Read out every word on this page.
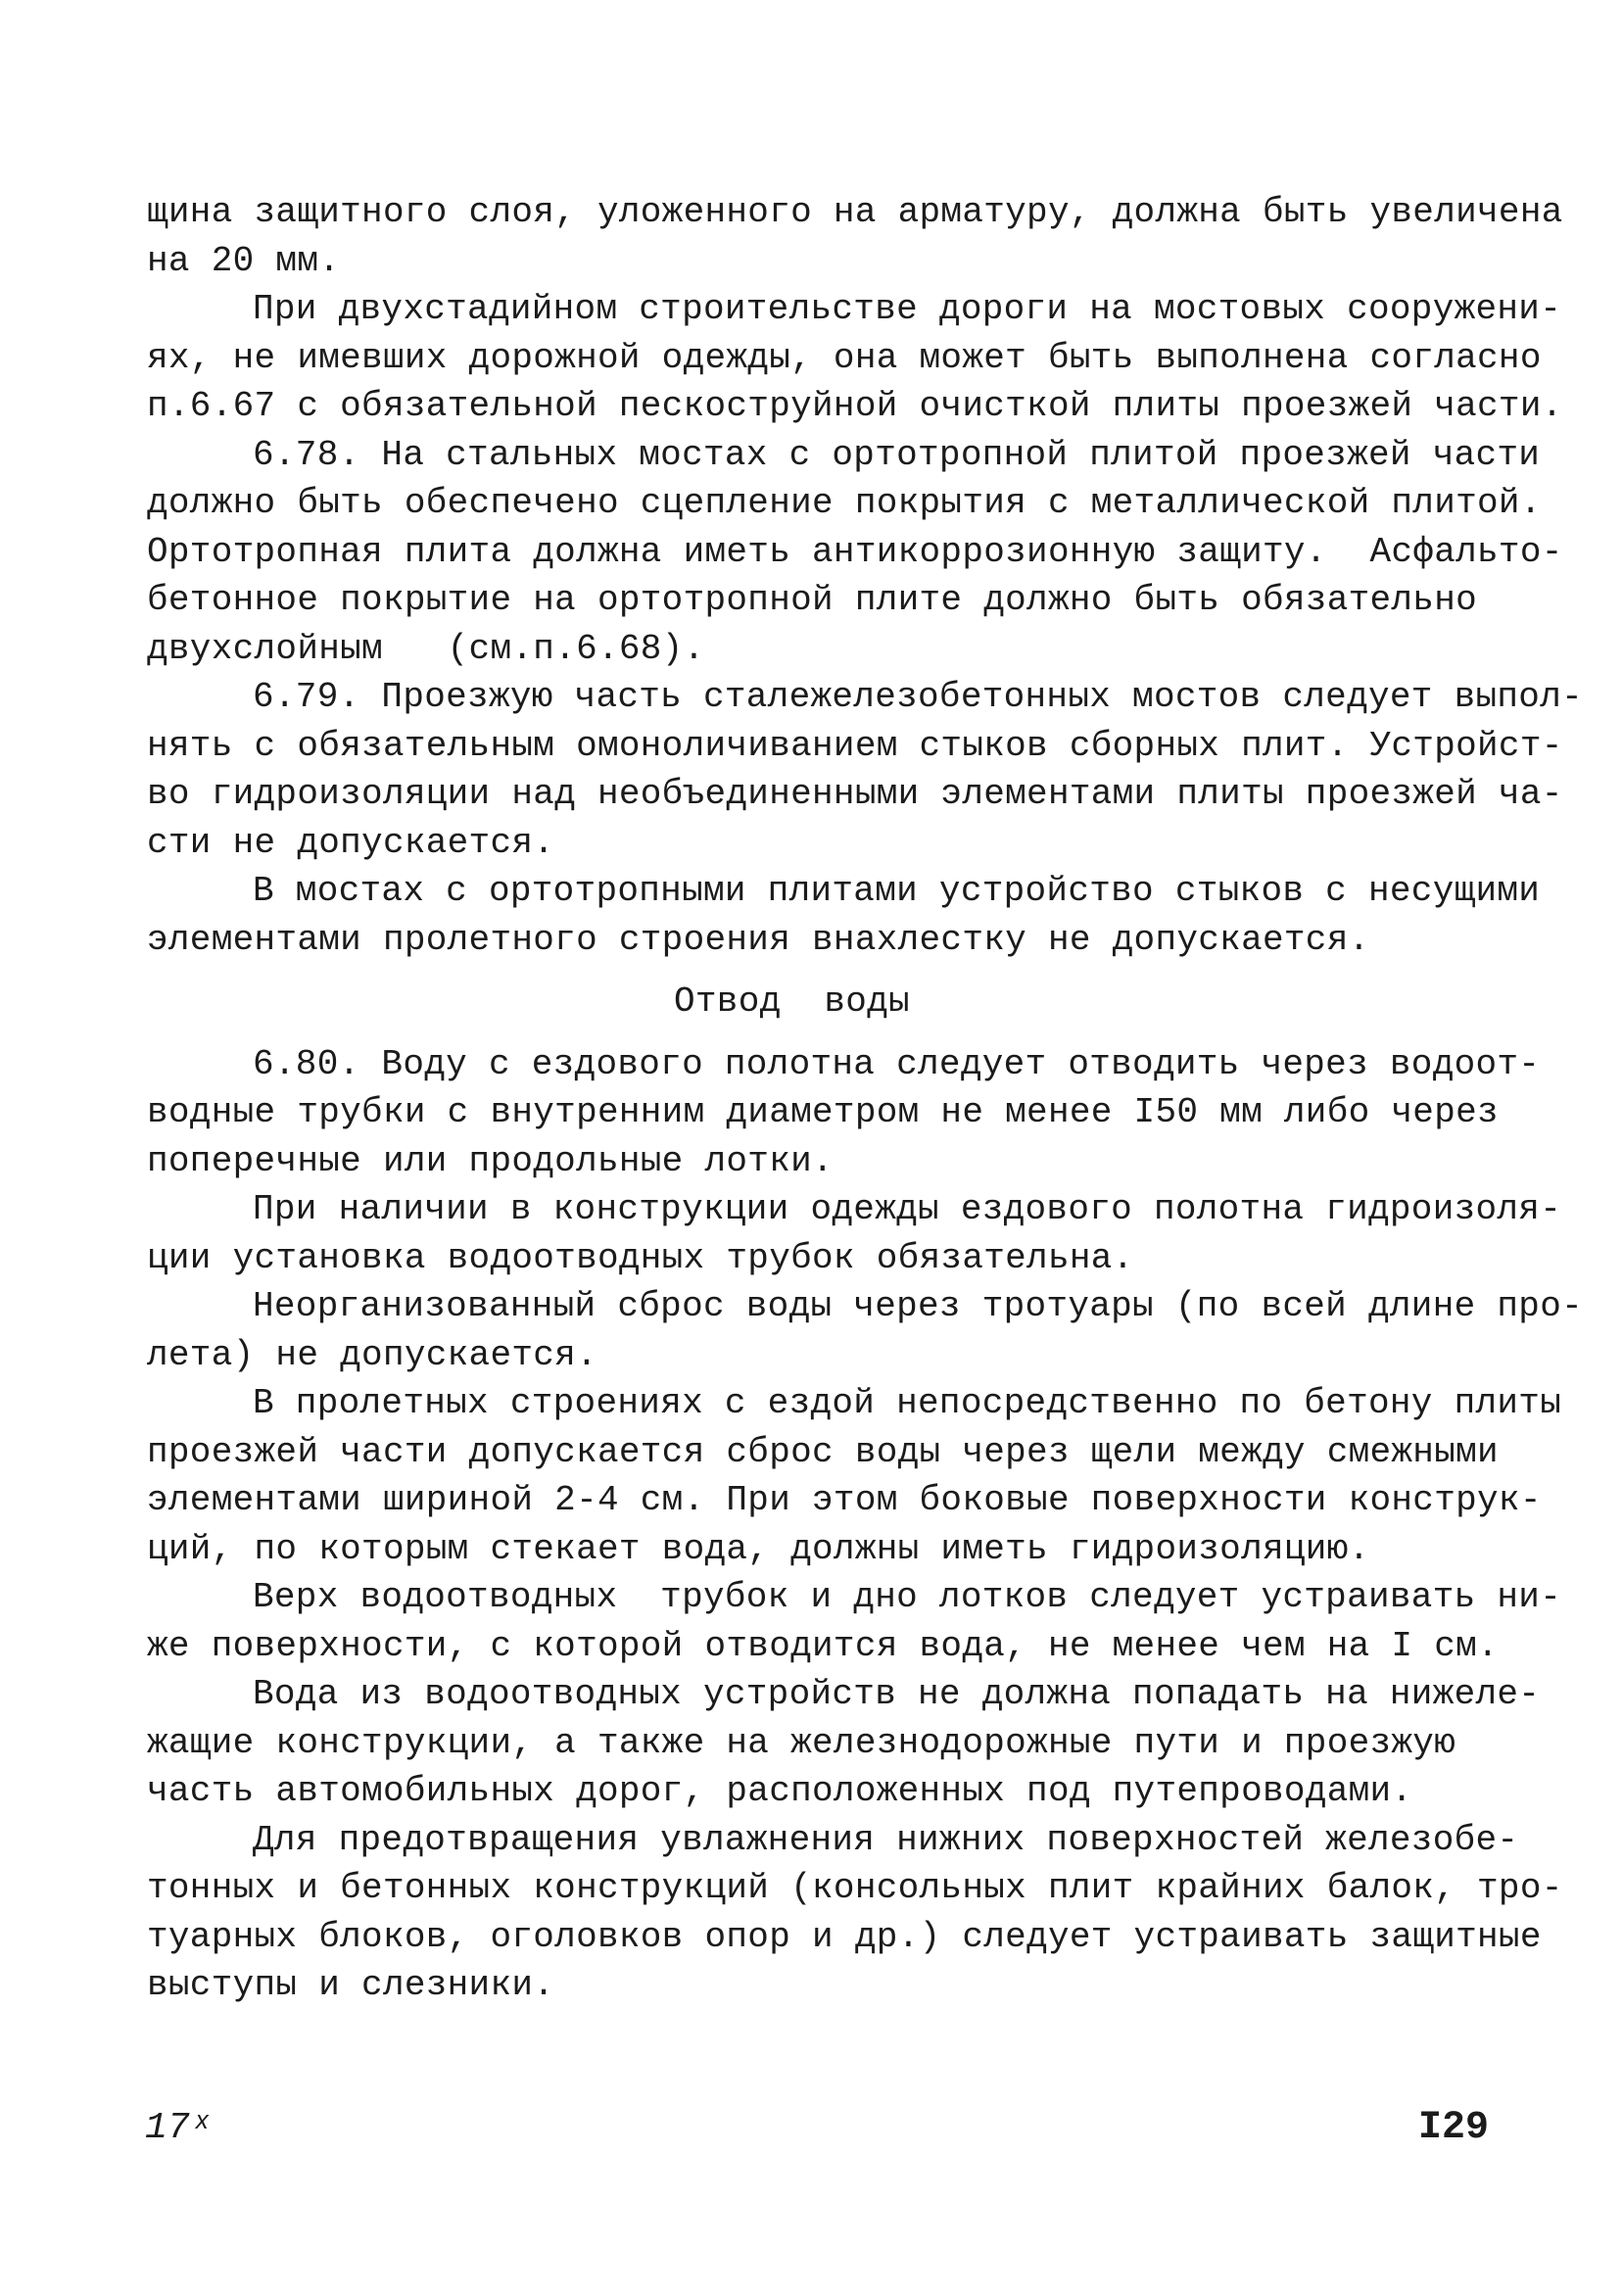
щина защитного слоя, уложенного на арматуру, должна быть увеличена
на 20 мм.
При двухстадийном строительстве дороги на мостовых сооружени-
ях, не имевших дорожной одежды, она может быть выполнена согласно
п.6.67 с обязательной пескоструйной очисткой плиты проезжей части.
6.78. На стальных мостах с ортотропной плитой проезжей части
должно быть обеспечено сцепление покрытия с металлической плитой.
Ортотропная плита должна иметь антикоррозионную защиту.  Асфальто-
бетонное покрытие на ортотропной плите должно быть обязательно
двухслойным   (см.п.6.68).
6.79. Проезжую часть сталежелезобетонных мостов следует выпол-
нять с обязательным омоноличиванием стыков сборных плит. Устройст-
во гидроизоляции над необъединенными элементами плиты проезжей ча-
сти не допускается.
В мостах с ортотропными плитами устройство стыков с несущими
элементами пролетного строения внахлестку не допускается.
Отвод  воды
6.80. Воду с ездового полотна следует отводить через водоот-
водные трубки с внутренним диаметром не менее I50 мм либо через
поперечные или продольные лотки.
При наличии в конструкции одежды ездового полотна гидроизоля-
ции установка водоотводных трубок обязательна.
Неорганизованный сброс воды через тротуары (по всей длине про-
лета) не допускается.
В пролетных строениях с ездой непосредственно по бетону плиты
проезжей части допускается сброс воды через щели между смежными
элементами шириной 2-4 см. При этом боковые поверхности конструк-
ций, по которым стекает вода, должны иметь гидроизоляцию.
Верх водоотводных  трубок и дно лотков следует устраивать ни-
же поверхности, с которой отводится вода, не менее чем на I см.
Вода из водоотводных устройств не должна попадать на нижеле-
жащие конструкции, а также на железнодорожные пути и проезжую
часть автомобильных дорог, расположенных под путепроводами.
Для предотвращения увлажнения нижних поверхностей железобе-
тонных и бетонных конструкций (консольных плит крайних балок, тро-
туарных блоков, оголовков опор и др.) следует устраивать защитные
выступы и слезники.
17ˣ	I29
